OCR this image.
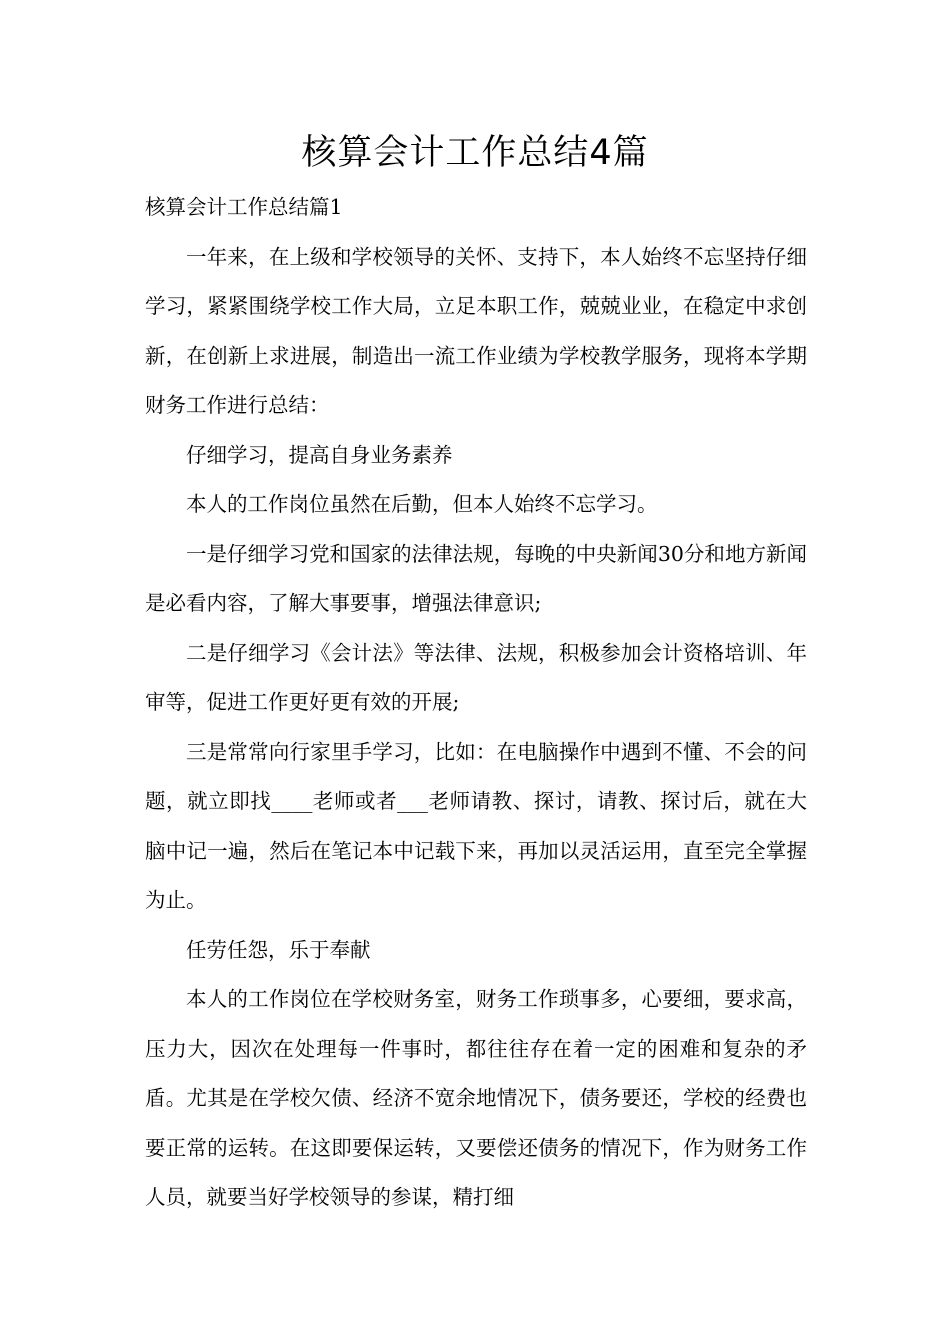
核算会计工作总结4篇

核算会计工作总结篇1

一年来，在上级和学校领导的关怀、支持下，本人始终不忘坚持仔细学习，紧紧围绕学校工作大局，立足本职工作，兢兢业业，在稳定中求创新，在创新上求进展，制造出一流工作业绩为学校教学服务，现将本学期财务工作进行总结：

仔细学习，提高自身业务素养

本人的工作岗位虽然在后勤，但本人始终不忘学习。

一是仔细学习党和国家的法律法规，每晚的中央新闻30分和地方新闻是必看内容，了解大事要事，增强法律意识;

二是仔细学习《会计法》等法律、法规，积极参加会计资格培训、年审等，促进工作更好更有效的开展;

三是常常向行家里手学习，比如：在电脑操作中遇到不懂、不会的问题，就立即找____老师或者___老师请教、探讨，请教、探讨后，就在大脑中记一遍，然后在笔记本中记载下来，再加以灵活运用，直至完全掌握为止。

任劳任怨，乐于奉献

本人的工作岗位在学校财务室，财务工作琐事多，心要细，要求高，压力大，因次在处理每一件事时，都往往存在着一定的困难和复杂的矛盾。尤其是在学校欠债、经济不宽余地情况下，债务要还，学校的经费也要正常的运转。在这即要保运转，又要偿还债务的情况下，作为财务工作人员，就要当好学校领导的参谋，精打细
